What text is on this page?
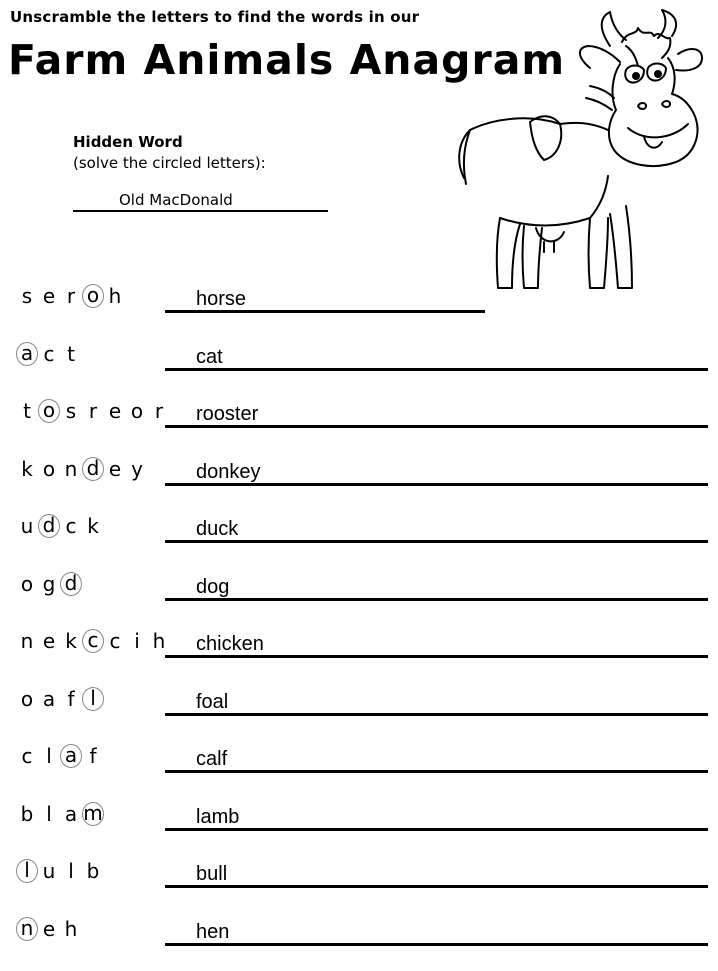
Unscramble the letters to find the words in our
Farm Animals Anagram
Hidden Word
(solve the circled letters):
Old MacDonald
s e r o h	horse
a c t	cat
t o s r e o r	rooster
k o n d e y	donkey
u d c k	duck
o g d	dog
n e k c c i h chicken
o a f l	foal
c l a f	calf
b l a m	lamb
l u l b	bull
n e h	hen
